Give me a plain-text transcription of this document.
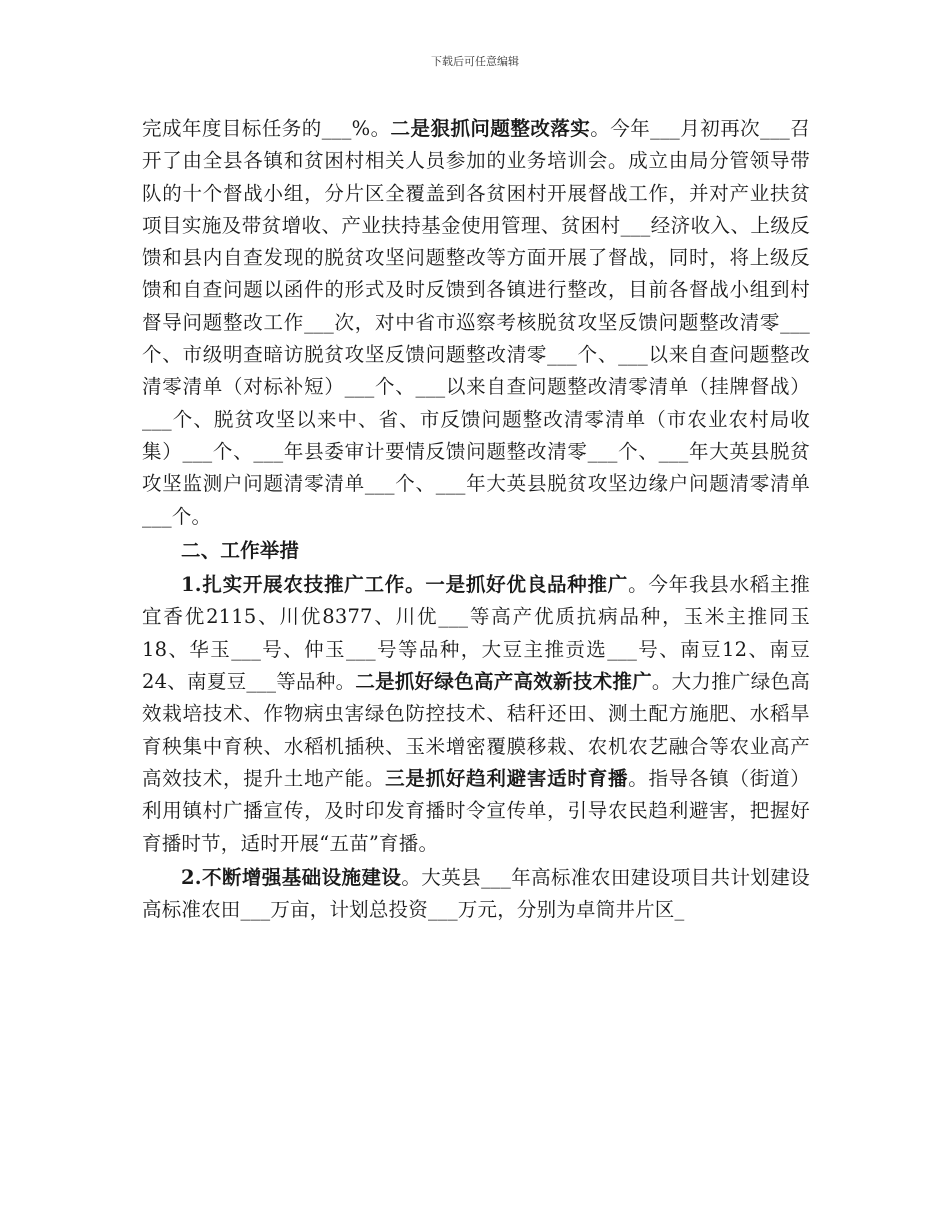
下载后可任意编辑

完成年度目标任务的___%。二是狠抓问题整改落实。今年___月初再次___召开了由全县各镇和贫困村相关人员参加的业务培训会。成立由局分管领导带队的十个督战小组，分片区全覆盖到各贫困村开展督战工作，并对产业扶贫项目实施及带贫增收、产业扶持基金使用管理、贫困村___经济收入、上级反馈和县内自查发现的脱贫攻坚问题整改等方面开展了督战，同时，将上级反馈和自查问题以函件的形式及时反馈到各镇进行整改，目前各督战小组到村督导问题整改工作___次，对中省市巡察考核脱贫攻坚反馈问题整改清零___个、市级明查暗访脱贫攻坚反馈问题整改清零___个、___以来自查问题整改清零清单（对标补短）___个、___以来自查问题整改清零清单（挂牌督战）___个、脱贫攻坚以来中、省、市反馈问题整改清零清单（市农业农村局收集）___个、___年县委审计要情反馈问题整改清零___个、___年大英县脱贫攻坚监测户问题清零清单___个、___年大英县脱贫攻坚边缘户问题清零清单___个。

二、工作举措

1.扎实开展农技推广工作。一是抓好优良品种推广。今年我县水稻主推宜香优2115、川优8377、川优___等高产优质抗病品种，玉米主推同玉18、华玉___号、仲玉___号等品种，大豆主推贡选___号、南豆12、南豆24、南夏豆___等品种。二是抓好绿色高产高效新技术推广。大力推广绿色高效栽培技术、作物病虫害绿色防控技术、秸秆还田、测土配方施肥、水稻旱育秧集中育秧、水稻机插秧、玉米增密覆膜移栽、农机农艺融合等农业高产高效技术，提升土地产能。三是抓好趋利避害适时育播。指导各镇（街道）利用镇村广播宣传，及时印发育播时令宣传单，引导农民趋利避害，把握好育播时节，适时开展“五苗”育播。

2.不断增强基础设施建设。大英县___年高标准农田建设项目共计划建设高标准农田___万亩，计划总投资___万元，分别为卓筒井片区_
